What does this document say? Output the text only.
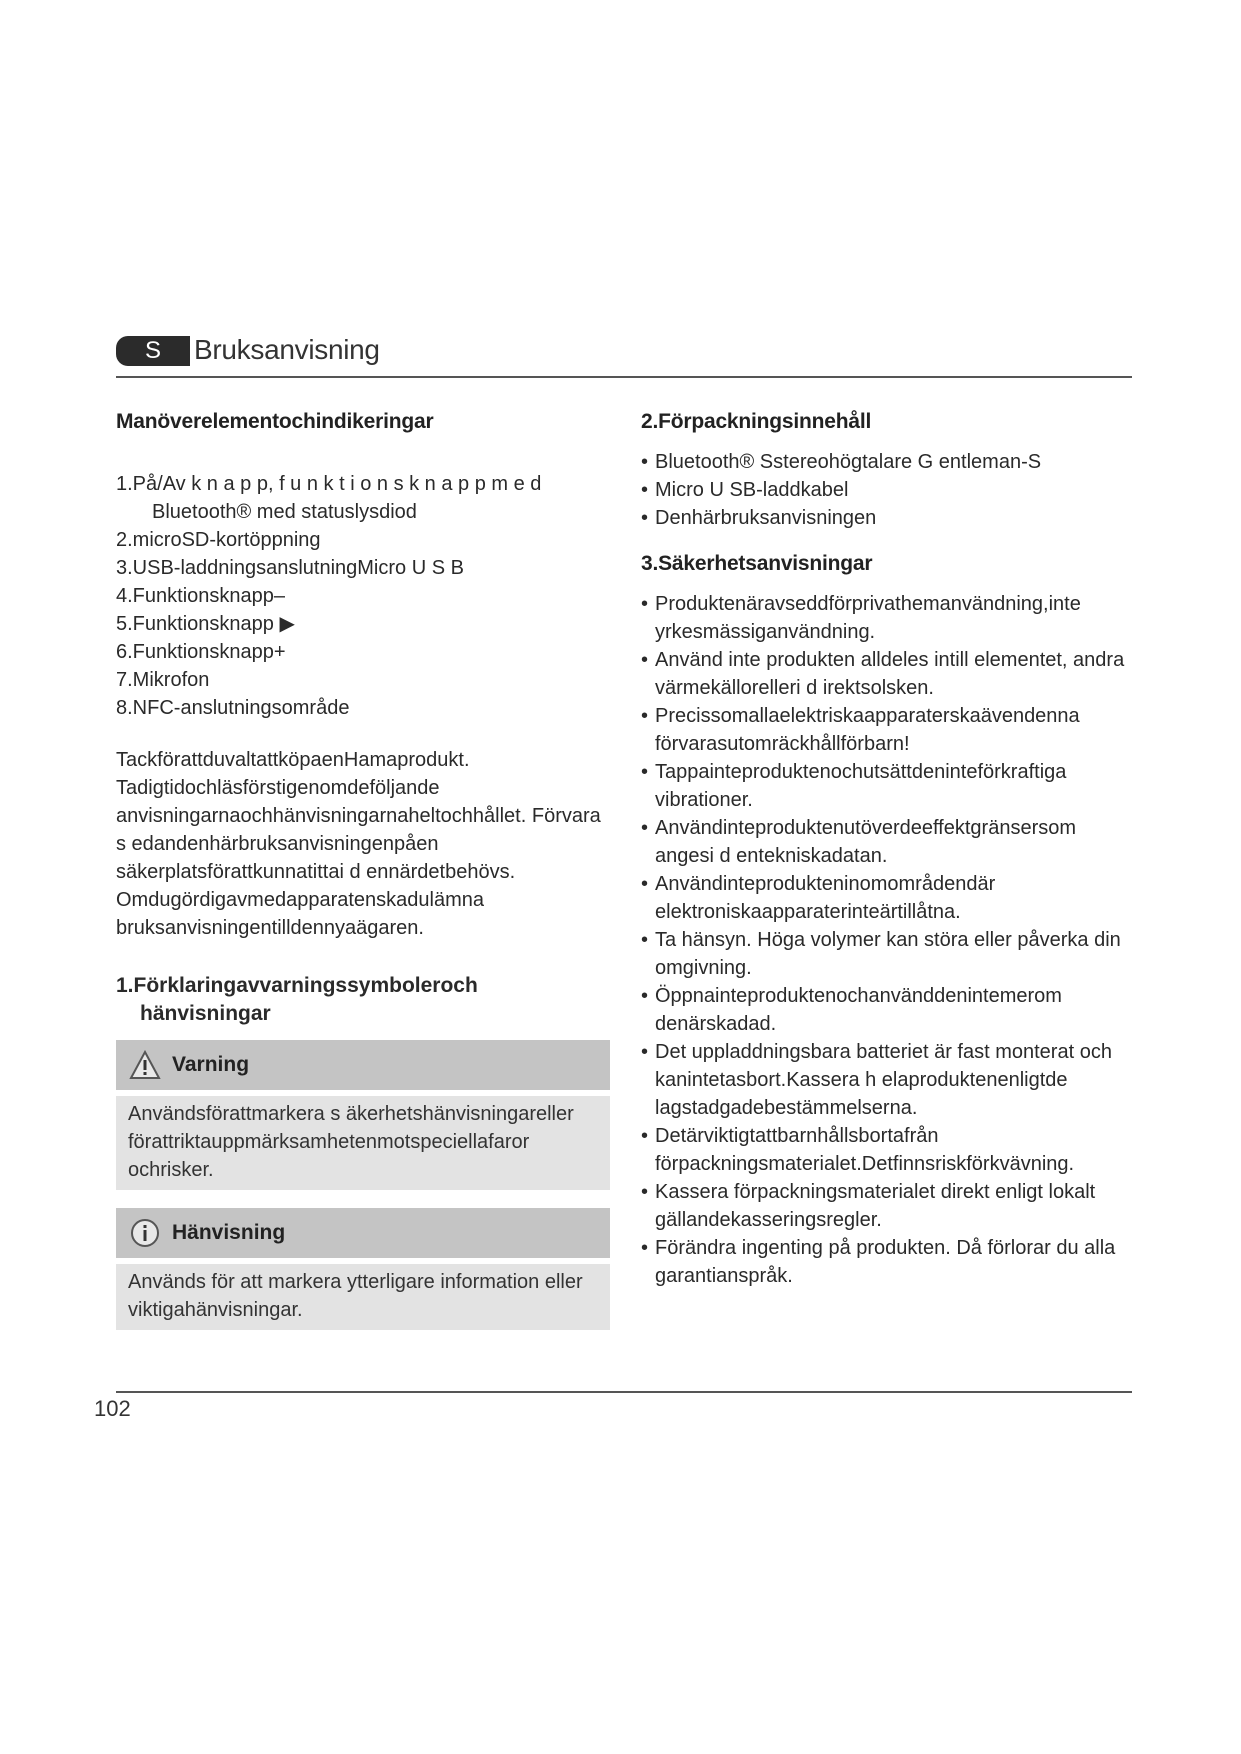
S	Bruksanvisning
Manöverelementochindikeringar
1.På/Av k n a p p, f u n k t i o n s k n a p p m e d Bluetooth® med statuslysdiod
2.microSD-kortöppning
3.USB-laddningsanslutningMicro U S B
4.Funktionsknapp–
5.Funktionsknapp ▶
6.Funktionsknapp+
7.Mikrofon
8.NFC-anslutningsområde

TackförattduvaltattköpaenHamaprodukt. Tadigtidochläsförstigenomdeföljande anvisningarnaochhänvisningarnaheltochhållet. Förvara s edandenhärbruksanvisningenpåen säkerplatsförattkunnatittai d ennärdetbehövs. Omdugördigavmedapparatenskadulämna bruksanvisningentilldennyaägaren.

1.Förklaringavvarningssymboleroch hänvisningar
Varning
Användsförattmarkera s äkerhetshänvisningareller förattriktauppmärksamhetenmotspeciellafaror ochrisker.
Hänvisning
Används för att markera ytterligare information eller viktigahänvisningar.
2.Förpackningsinnehåll
• Bluetooth® Sstereohögtalare G entleman-S
• Micro U SB-laddkabel
• Denhärbruksanvisningen
3.Säkerhetsanvisningar
• Produktenäravseddförprivathemanvändning,inte yrkesmässiganvändning.
• Använd inte produkten alldeles intill elementet, andra värmekällorelleri d irektsolsken.
• Precissomallaelektriskaapparaterskaävendenna förvarasutomräckhållförbarn!
• Tappainteproduktenochutsättdeninteförkraftiga vibrationer.
• Användinteproduktenutöverdeeffektgränsersom angesi d entekniskadatan.
• Användinteprodukteninomområdendär elektroniskaapparaterinteärtillåtna.
• Ta hänsyn. Höga volymer kan störa eller påverka din omgivning.
• Öppnainteproduktenochanvänddenintemerom denärskadad.
• Det uppladdningsbara batteriet är fast monterat och kanintetasbort.Kassera h elaproduktenenligtde lagstadgadebestämmelserna.
• Detärviktigtattbarnhållsbortafrån förpackningsmaterialet.Detfinnsriskförkvävning.
• Kassera förpackningsmaterialet direkt enligt lokalt gällandekasseringsregler.
• Förändra ingenting på produkten. Då förlorar du alla garantianspråk.
102
